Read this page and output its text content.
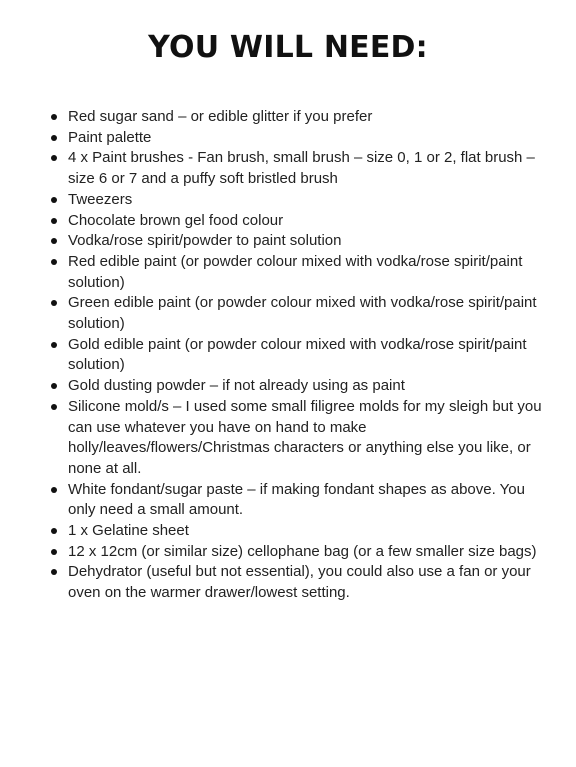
YOU WILL NEED:
Red sugar sand – or edible glitter if you prefer
Paint palette
4 x Paint brushes - Fan brush, small brush – size 0, 1 or 2, flat brush – size 6 or 7 and a puffy soft bristled brush
Tweezers
Chocolate brown gel food colour
Vodka/rose spirit/powder to paint solution
Red edible paint (or powder colour mixed with vodka/rose spirit/paint solution)
Green edible paint (or powder colour mixed with vodka/rose spirit/paint solution)
Gold edible paint (or powder colour mixed with vodka/rose spirit/paint solution)
Gold dusting powder – if not already using as paint
Silicone mold/s – I used some small filigree molds for my sleigh but you can use whatever you have on hand to make holly/leaves/flowers/Christmas characters or anything else you like, or none at all.
White fondant/sugar paste – if making fondant shapes as above. You only need a small amount.
1 x Gelatine sheet
12 x 12cm (or similar size) cellophane bag (or a few smaller size bags)
Dehydrator (useful but not essential), you could also use a fan or your oven on the warmer drawer/lowest setting.
